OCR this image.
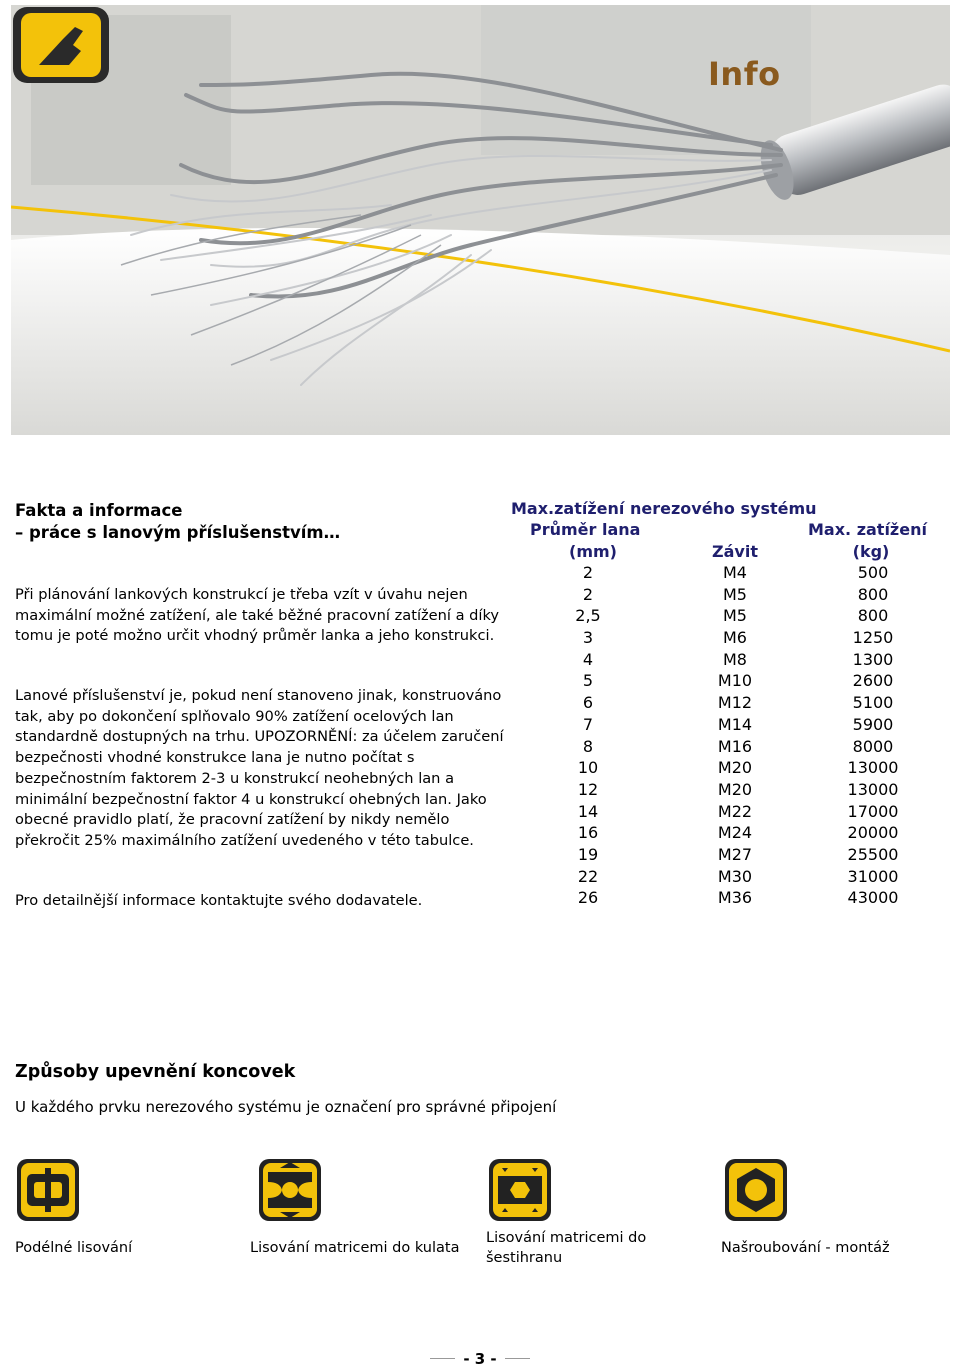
Info
Fakta a informace
– práce s lanovým příslušenstvím…

Při plánování lankových konstrukcí je třeba vzít v úvahu nejen maximální možné zatížení, ale také běžné pracovní zatížení a díky tomu je poté možno určit vhodný průměr lanka a jeho konstrukci.

Lanové příslušenství je, pokud není stanoveno jinak, konstruováno tak, aby po dokončení splňovalo 90% zatížení ocelových lan standardně dostupných na trhu. UPOZORNĚNÍ: za účelem zaručení bezpečnosti vhodné konstrukce lana je nutno počítat s bezpečnostním faktorem 2-3 u konstrukcí neohebných lan a minimální bezpečnostní faktor 4 u konstrukcí ohebných lan. Jako obecné pravidlo platí, že pracovní zatížení by nikdy nemělo překročit 25% maximálního zatížení uvedeného v této tabulce.

Pro detailnější informace kontaktujte svého dodavatele.

Max.zatížení nerezového systému
Průměr lana
(mm)	Závit
Max. zatížení
(kg)
2	M4	500
2	M5	800
2,5	M5	800
3	M6	1250
4	M8	1300
5	M10	2600
6	M12	5100
7	M14	5900
8	M16	8000
10	M20	13000
12	M20	13000
14	M22	17000
16	M24	20000
19	M27	25500
22	M30	31000
26	M36	43000
Způsoby upevnění koncovek
U každého prvku nerezového systému je označení pro správné připojení
Podélné lisování	Lisování matricemi do kulata
Lisování matricemi do šestihranu
Našroubování - montáž
- 3 -
